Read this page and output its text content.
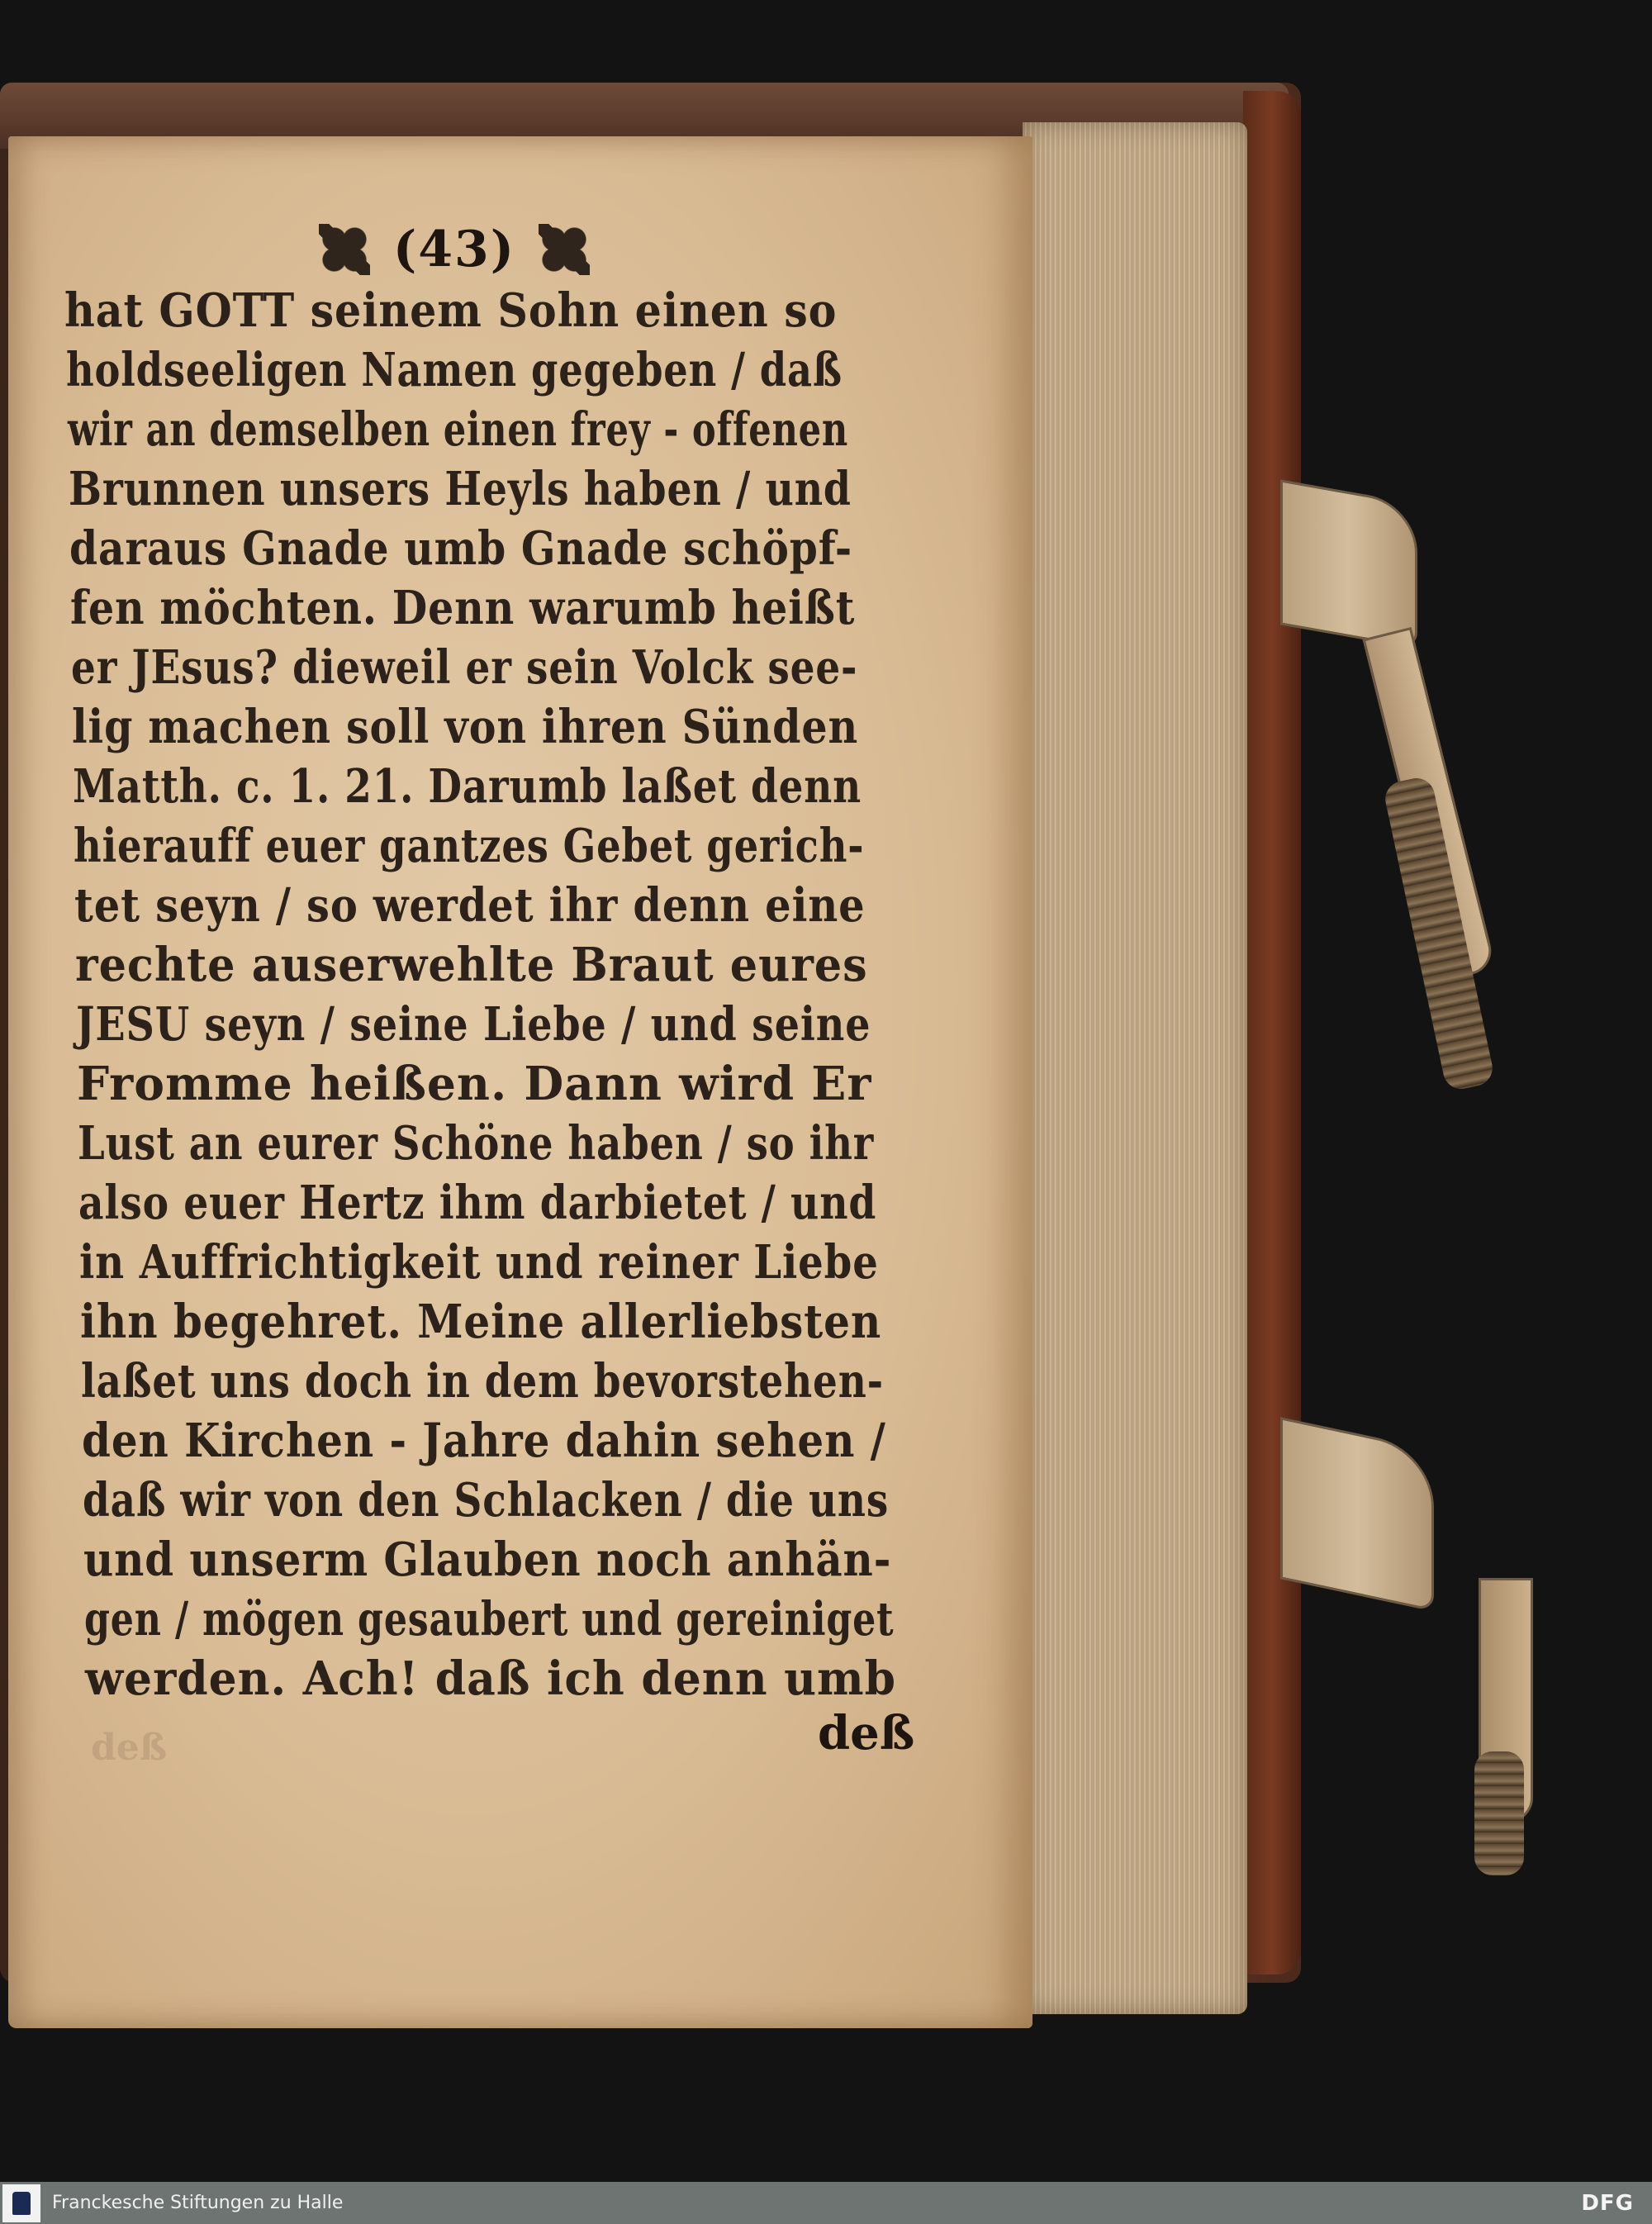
(43)
hat GOTT seinem Sohn einen so
holdseeligen Namen gegeben / daß
wir an demselben einen frey - offenen
Brunnen unsers Heyls haben / und
daraus Gnade umb Gnade schöpf-
fen möchten. Denn warumb heißt
er JEsus? dieweil er sein Volck see-
lig machen soll von ihren Sünden
Matth. c. 1. 21. Darumb laßet denn
hierauff euer gantzes Gebet gerich-
tet seyn / so werdet ihr denn eine
rechte auserwehlte Braut eures
JESU seyn / seine Liebe / und seine
Fromme heißen. Dann wird Er
Lust an eurer Schöne haben / so ihr
also euer Hertz ihm darbietet / und
in Auffrichtigkeit und reiner Liebe
ihn begehret. Meine allerliebsten
laßet uns doch in dem bevorstehen-
den Kirchen - Jahre dahin sehen /
daß wir von den Schlacken / die uns
und unserm Glauben noch anhän-
gen / mögen gesaubert und gereiniget
werden. Ach! daß ich denn umb
deß
deß
Franckesche Stiftungen zu Halle	DFG
